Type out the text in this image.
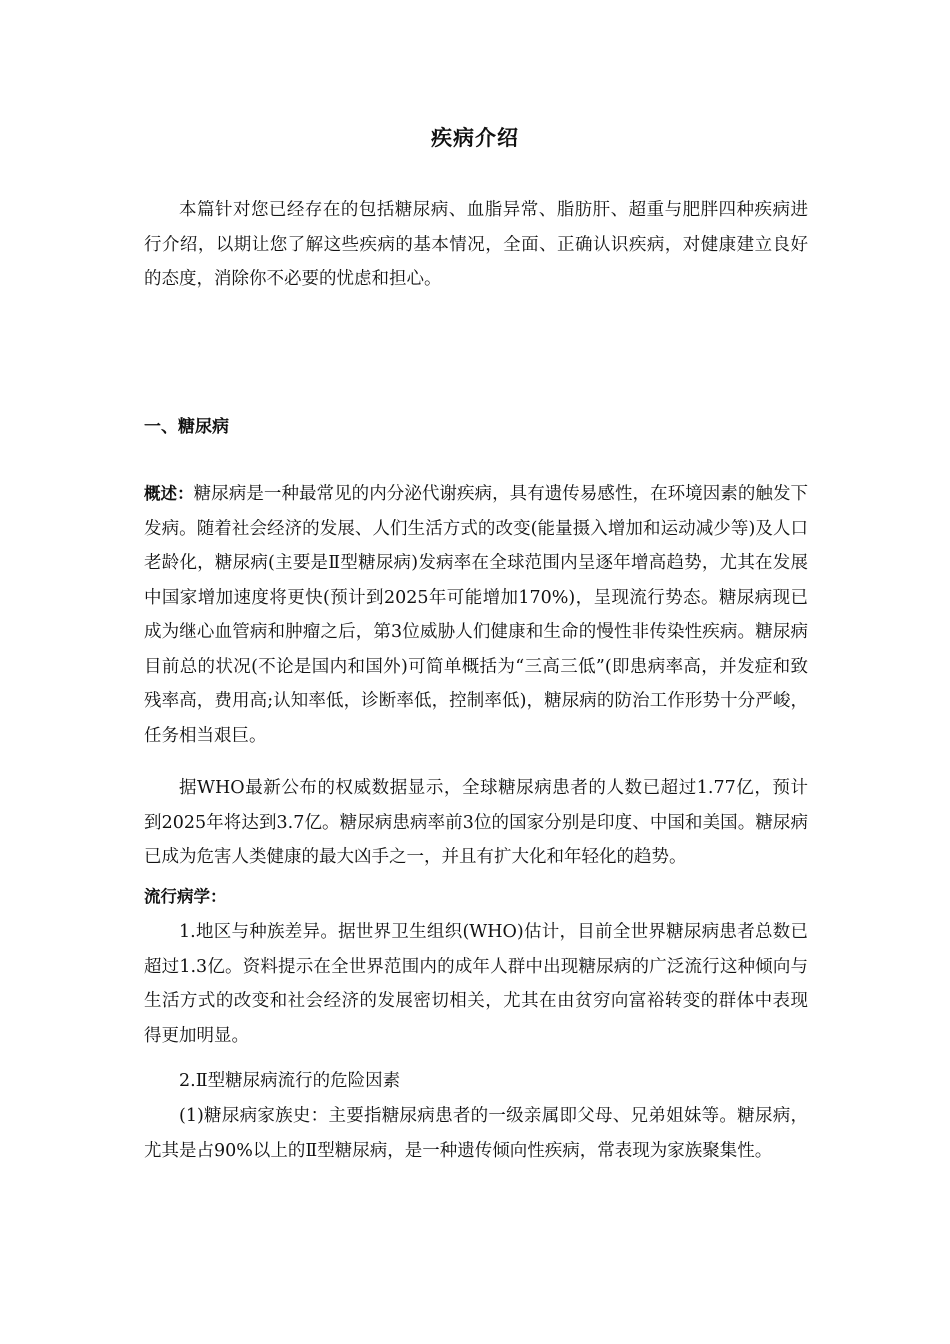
疾病介绍

本篇针对您已经存在的包括糖尿病、血脂异常、脂肪肝、超重与肥胖四种疾病进行介绍，以期让您了解这些疾病的基本情况，全面、正确认识疾病，对健康建立良好的态度，消除你不必要的忧虑和担心。

一、糖尿病

概述：糖尿病是一种最常见的内分泌代谢疾病，具有遗传易感性，在环境因素的触发下发病。随着社会经济的发展、人们生活方式的改变(能量摄入增加和运动减少等)及人口老龄化，糖尿病(主要是Ⅱ型糖尿病)发病率在全球范围内呈逐年增高趋势，尤其在发展中国家增加速度将更快(预计到2025年可能增加170%)，呈现流行势态。糖尿病现已成为继心血管病和肿瘤之后，第3位威胁人们健康和生命的慢性非传染性疾病。糖尿病目前总的状况(不论是国内和国外)可简单概括为“三高三低”(即患病率高，并发症和致残率高，费用高;认知率低，诊断率低，控制率低)，糖尿病的防治工作形势十分严峻，任务相当艰巨。

据WHO最新公布的权威数据显示，全球糖尿病患者的人数已超过1.77亿，预计到2025年将达到3.7亿。糖尿病患病率前3位的国家分别是印度、中国和美国。糖尿病已成为危害人类健康的最大凶手之一，并且有扩大化和年轻化的趋势。

流行病学：

1.地区与种族差异。据世界卫生组织(WHO)估计，目前全世界糖尿病患者总数已超过1.3亿。资料提示在全世界范围内的成年人群中出现糖尿病的广泛流行这种倾向与生活方式的改变和社会经济的发展密切相关，尤其在由贫穷向富裕转变的群体中表现得更加明显。

2.Ⅱ型糖尿病流行的危险因素

(1)糖尿病家族史：主要指糖尿病患者的一级亲属即父母、兄弟姐妹等。糖尿病，尤其是占90%以上的Ⅱ型糖尿病，是一种遗传倾向性疾病，常表现为家族聚集性。
